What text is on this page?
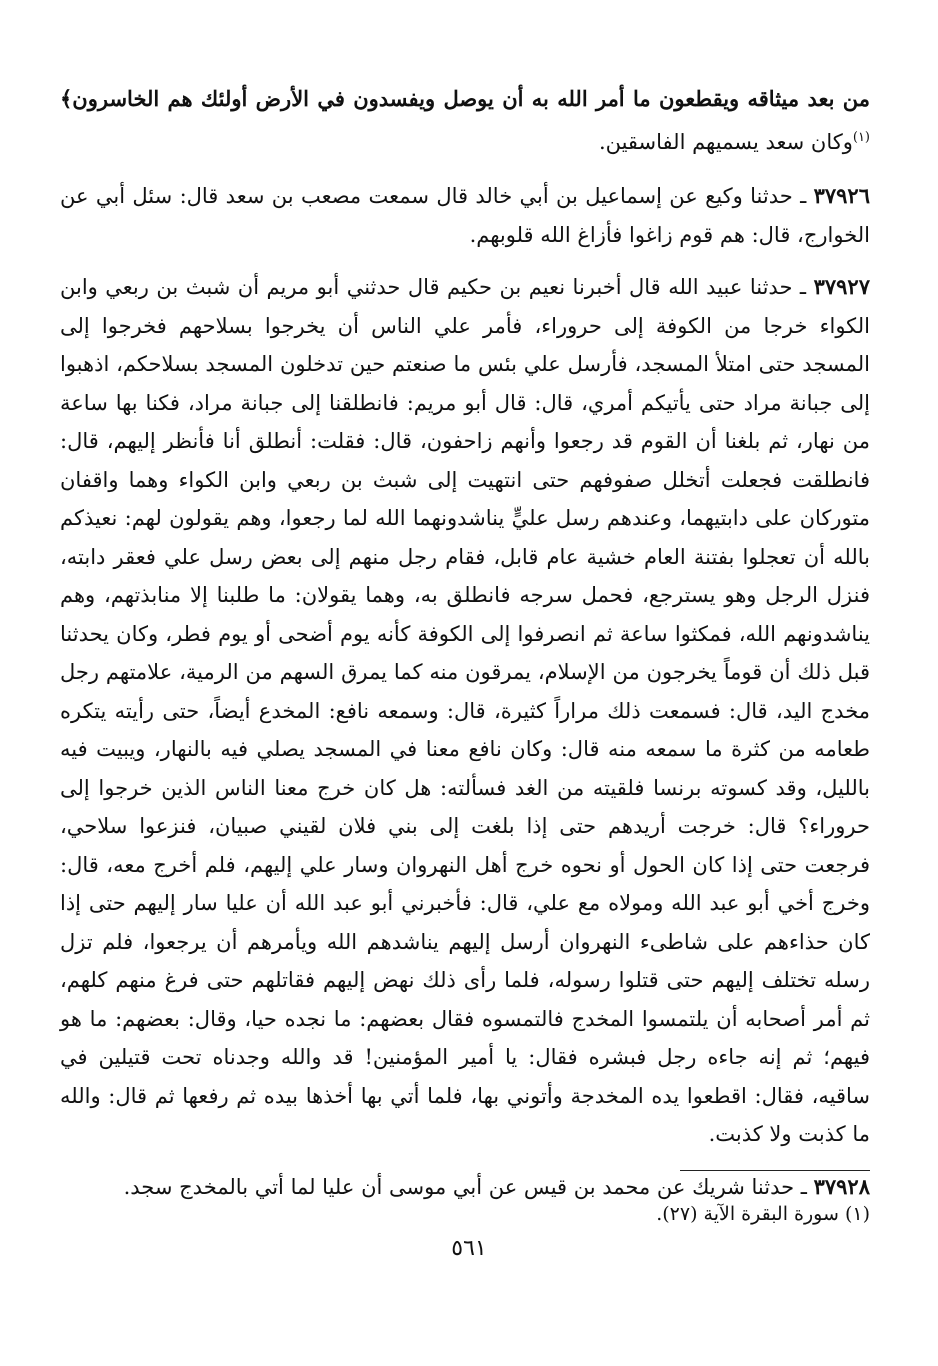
من بعد ميثاقه ويقطعون ما أمر الله به أن يوصل ويفسدون في الأرض أولئك هم الخاسرون﴾$^{(١)}$وكان سعد يسميهم الفاسقين.

٣٧٩٢٦ ـ حدثنا وكيع عن إسماعيل بن أبي خالد قال سمعت مصعب بن سعد قال: سئل أبي عن الخوارج، قال: هم قوم زاغوا فأزاغ الله قلوبهم.

٣٧٩٢٧ ـ حدثنا عبيد الله قال أخبرنا نعيم بن حكيم قال حدثني أبو مريم أن شبث بن ربعي وابن الكواء خرجا من الكوفة إلى حروراء، فأمر علي الناس أن يخرجوا بسلاحهم فخرجوا إلى المسجد حتى امتلأ المسجد، فأرسل علي بئس ما صنعتم حين تدخلون المسجد بسلاحكم، اذهبوا إلى جبانة مراد حتى يأتيكم أمري، قال: قال أبو مريم: فانطلقنا إلى جبانة مراد، فكنا بها ساعة من نهار، ثم بلغنا أن القوم قد رجعوا وأنهم زاحفون، قال: فقلت: أنطلق أنا فأنظر إليهم، قال: فانطلقت فجعلت أتخلل صفوفهم حتى انتهيت إلى شبث بن ربعي وابن الكواء وهما واقفان متوركان على دابتيهما، وعندهم رسل عليٍّ يناشدونهما الله لما رجعوا، وهم يقولون لهم: نعيذكم بالله أن تعجلوا بفتنة العام خشية عام قابل، فقام رجل منهم إلى بعض رسل علي فعقر دابته، فنزل الرجل وهو يسترجع، فحمل سرجه فانطلق به، وهما يقولان: ما طلبنا إلا منابذتهم، وهم يناشدونهم الله، فمكثوا ساعة ثم انصرفوا إلى الكوفة كأنه يوم أضحى أو يوم فطر، وكان يحدثنا قبل ذلك أن قوماً يخرجون من الإسلام، يمرقون منه كما يمرق السهم من الرمية، علامتهم رجل مخدج اليد، قال: فسمعت ذلك مراراً كثيرة، قال: وسمعه نافع: المخدع أيضاً، حتى رأيته يتكره طعامه من كثرة ما سمعه منه قال: وكان نافع معنا في المسجد يصلي فيه بالنهار، ويبيت فيه بالليل، وقد كسوته برنسا فلقيته من الغد فسألته: هل كان خرج معنا الناس الذين خرجوا إلى حروراء؟ قال: خرجت أريدهم حتى إذا بلغت إلى بني فلان لقيني صبيان، فنزعوا سلاحي، فرجعت حتى إذا كان الحول أو نحوه خرج أهل النهروان وسار علي إليهم، فلم أخرج معه، قال: وخرج أخي أبو عبد الله ومولاه مع علي، قال: فأخبرني أبو عبد الله أن عليا سار إليهم حتى إذا كان حذاءهم على شاطىء النهروان أرسل إليهم يناشدهم الله ويأمرهم أن يرجعوا، فلم تزل رسله تختلف إليهم حتى قتلوا رسوله، فلما رأى ذلك نهض إليهم فقاتلهم حتى فرغ منهم كلهم، ثم أمر أصحابه أن يلتمسوا المخدج فالتمسوه فقال بعضهم: ما نجده حيا، وقال: بعضهم: ما هو فيهم؛ ثم إنه جاءه رجل فبشره فقال: يا أمير المؤمنين! قد والله وجدناه تحت قتيلين في ساقيه، فقال: اقطعوا يده المخدجة وأتوني بها، فلما أتي بها أخذها بيده ثم رفعها ثم قال: والله ما كذبت ولا كذبت.

٣٧٩٢٨ ـ حدثنا شريك عن محمد بن قيس عن أبي موسى أن عليا لما أتي بالمخدج سجد.

(١) سورة البقرة الآية (٢٧).
٥٦١
